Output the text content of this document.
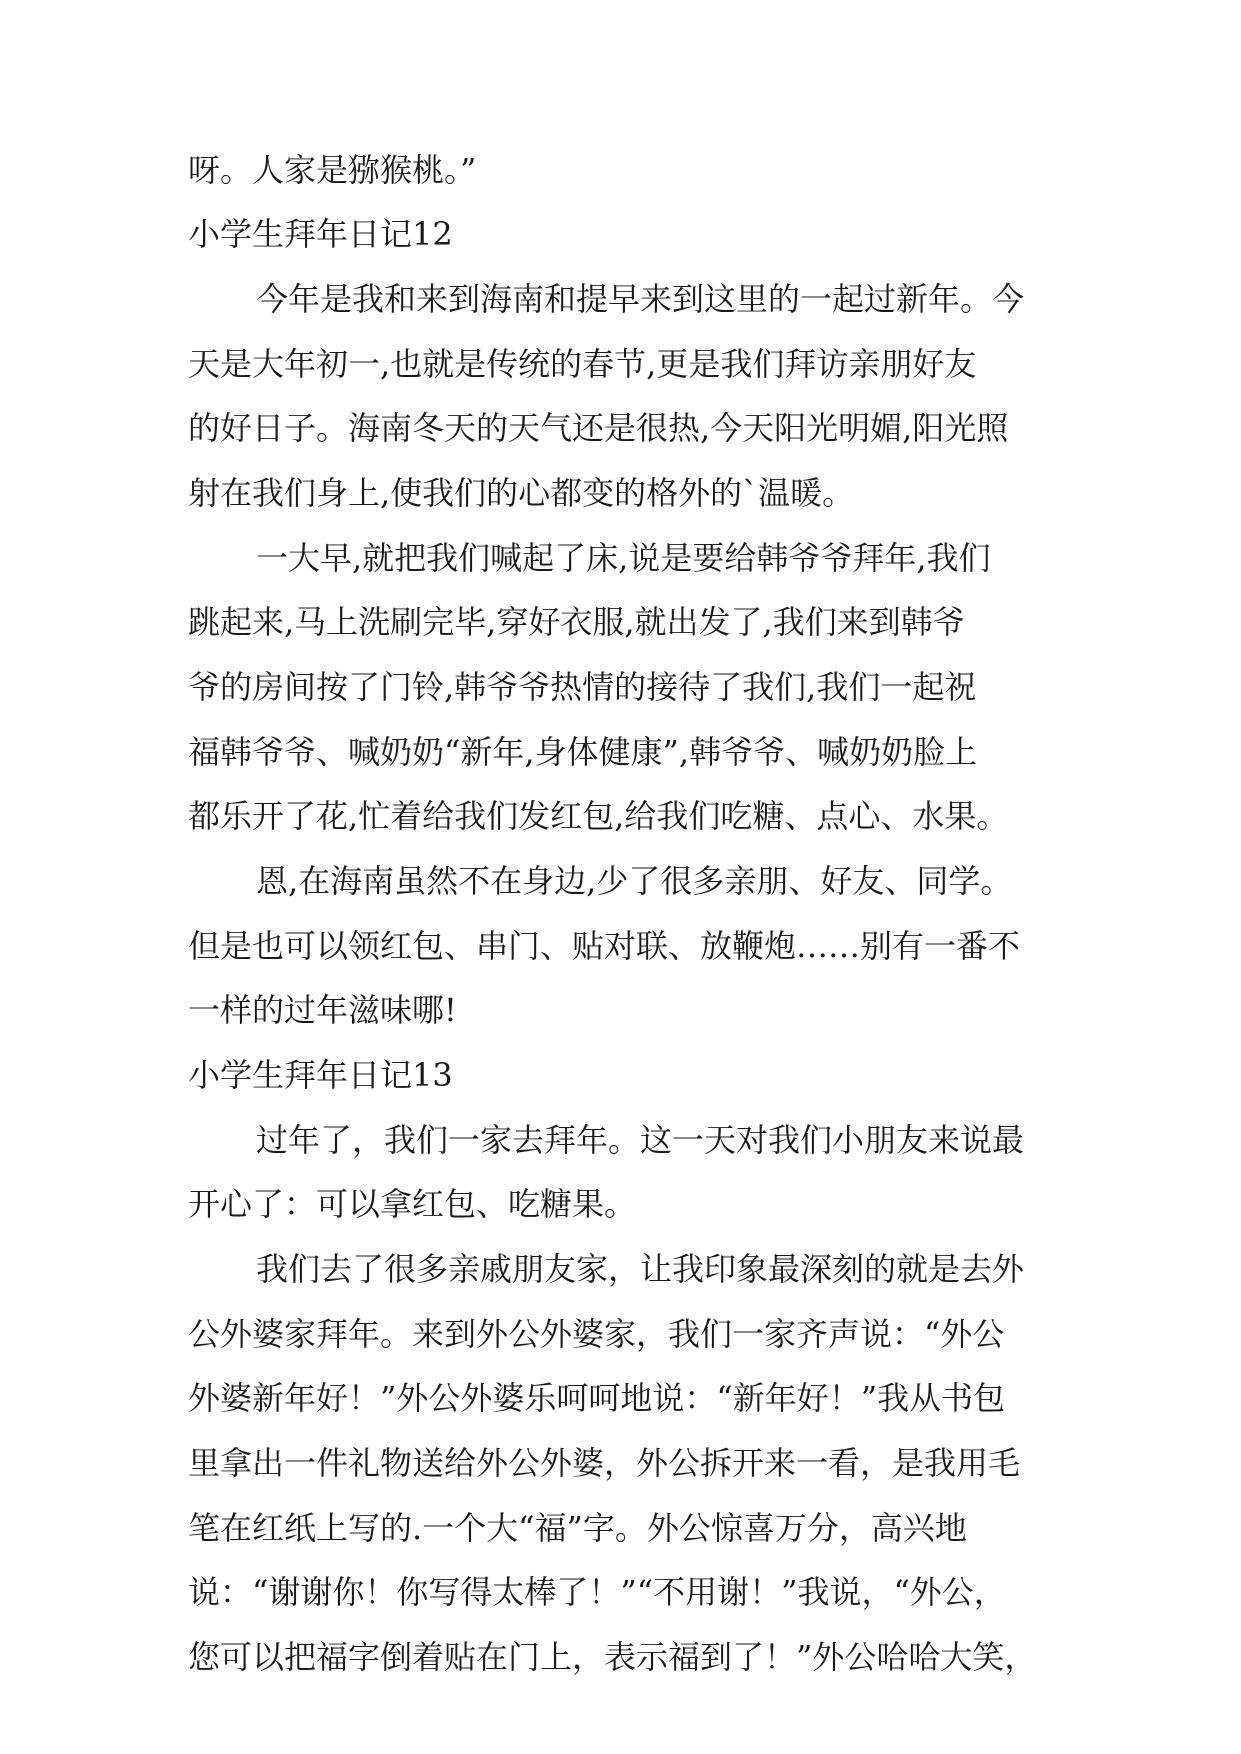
呀。人家是猕猴桃。”
小学生拜年日记12
今年是我和来到海南和提早来到这里的一起过新年。今
天是大年初一,也就是传统的春节,更是我们拜访亲朋好友
的好日子。海南冬天的天气还是很热,今天阳光明媚,阳光照
射在我们身上,使我们的心都变的格外的`温暖。
一大早,就把我们喊起了床,说是要给韩爷爷拜年,我们
跳起来,马上洗刷完毕,穿好衣服,就出发了,我们来到韩爷
爷的房间按了门铃,韩爷爷热情的接待了我们,我们一起祝
福韩爷爷、喊奶奶“新年,身体健康”,韩爷爷、喊奶奶脸上
都乐开了花,忙着给我们发红包,给我们吃糖、点心、水果。
恩,在海南虽然不在身边,少了很多亲朋、好友、同学。
但是也可以领红包、串门、贴对联、放鞭炮……别有一番不
一样的过年滋味哪!
小学生拜年日记13
过年了，我们一家去拜年。这一天对我们小朋友来说最
开心了：可以拿红包、吃糖果。
我们去了很多亲戚朋友家，让我印象最深刻的就是去外
公外婆家拜年。来到外公外婆家，我们一家齐声说：“外公
外婆新年好！”外公外婆乐呵呵地说：“新年好！”我从书包
里拿出一件礼物送给外公外婆，外公拆开来一看，是我用毛
笔在红纸上写的.一个大“福”字。外公惊喜万分，高兴地
说：“谢谢你！你写得太棒了！”“不用谢！”我说，“外公，
您可以把福字倒着贴在门上，表示福到了！”外公哈哈大笑，
